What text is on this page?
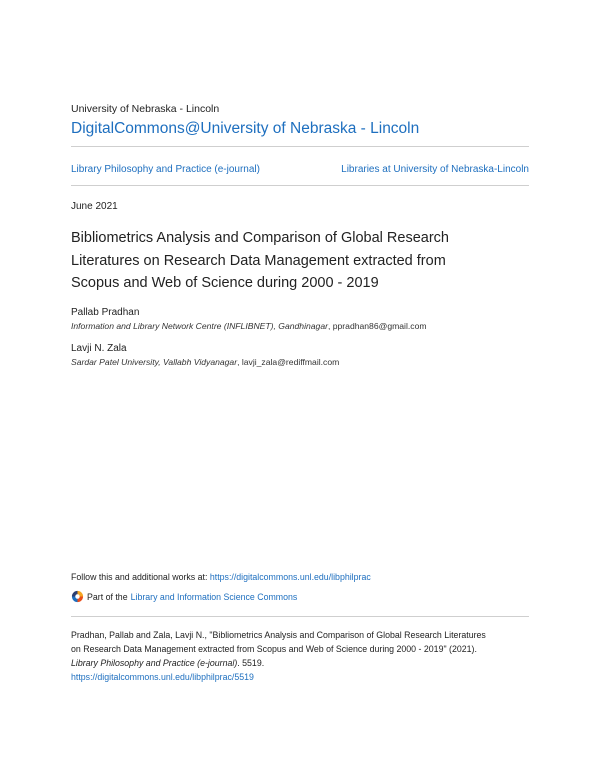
University of Nebraska - Lincoln
DigitalCommons@University of Nebraska - Lincoln
Library Philosophy and Practice (e-journal)	Libraries at University of Nebraska-Lincoln
June 2021
Bibliometrics Analysis and Comparison of Global Research
Literatures on Research Data Management extracted from
Scopus and Web of Science during 2000 - 2019
Pallab Pradhan
Information and Library Network Centre (INFLIBNET), Gandhinagar, ppradhan86@gmail.com
Lavji N. Zala
Sardar Patel University, Vallabh Vidyanagar, lavji_zala@rediffmail.com
Follow this and additional works at: https://digitalcommons.unl.edu/libphilprac
Part of the Library and Information Science Commons
Pradhan, Pallab and Zala, Lavji N., "Bibliometrics Analysis and Comparison of Global Research Literatures
on Research Data Management extracted from Scopus and Web of Science during 2000 - 2019" (2021).
Library Philosophy and Practice (e-journal). 5519.
https://digitalcommons.unl.edu/libphilprac/5519
